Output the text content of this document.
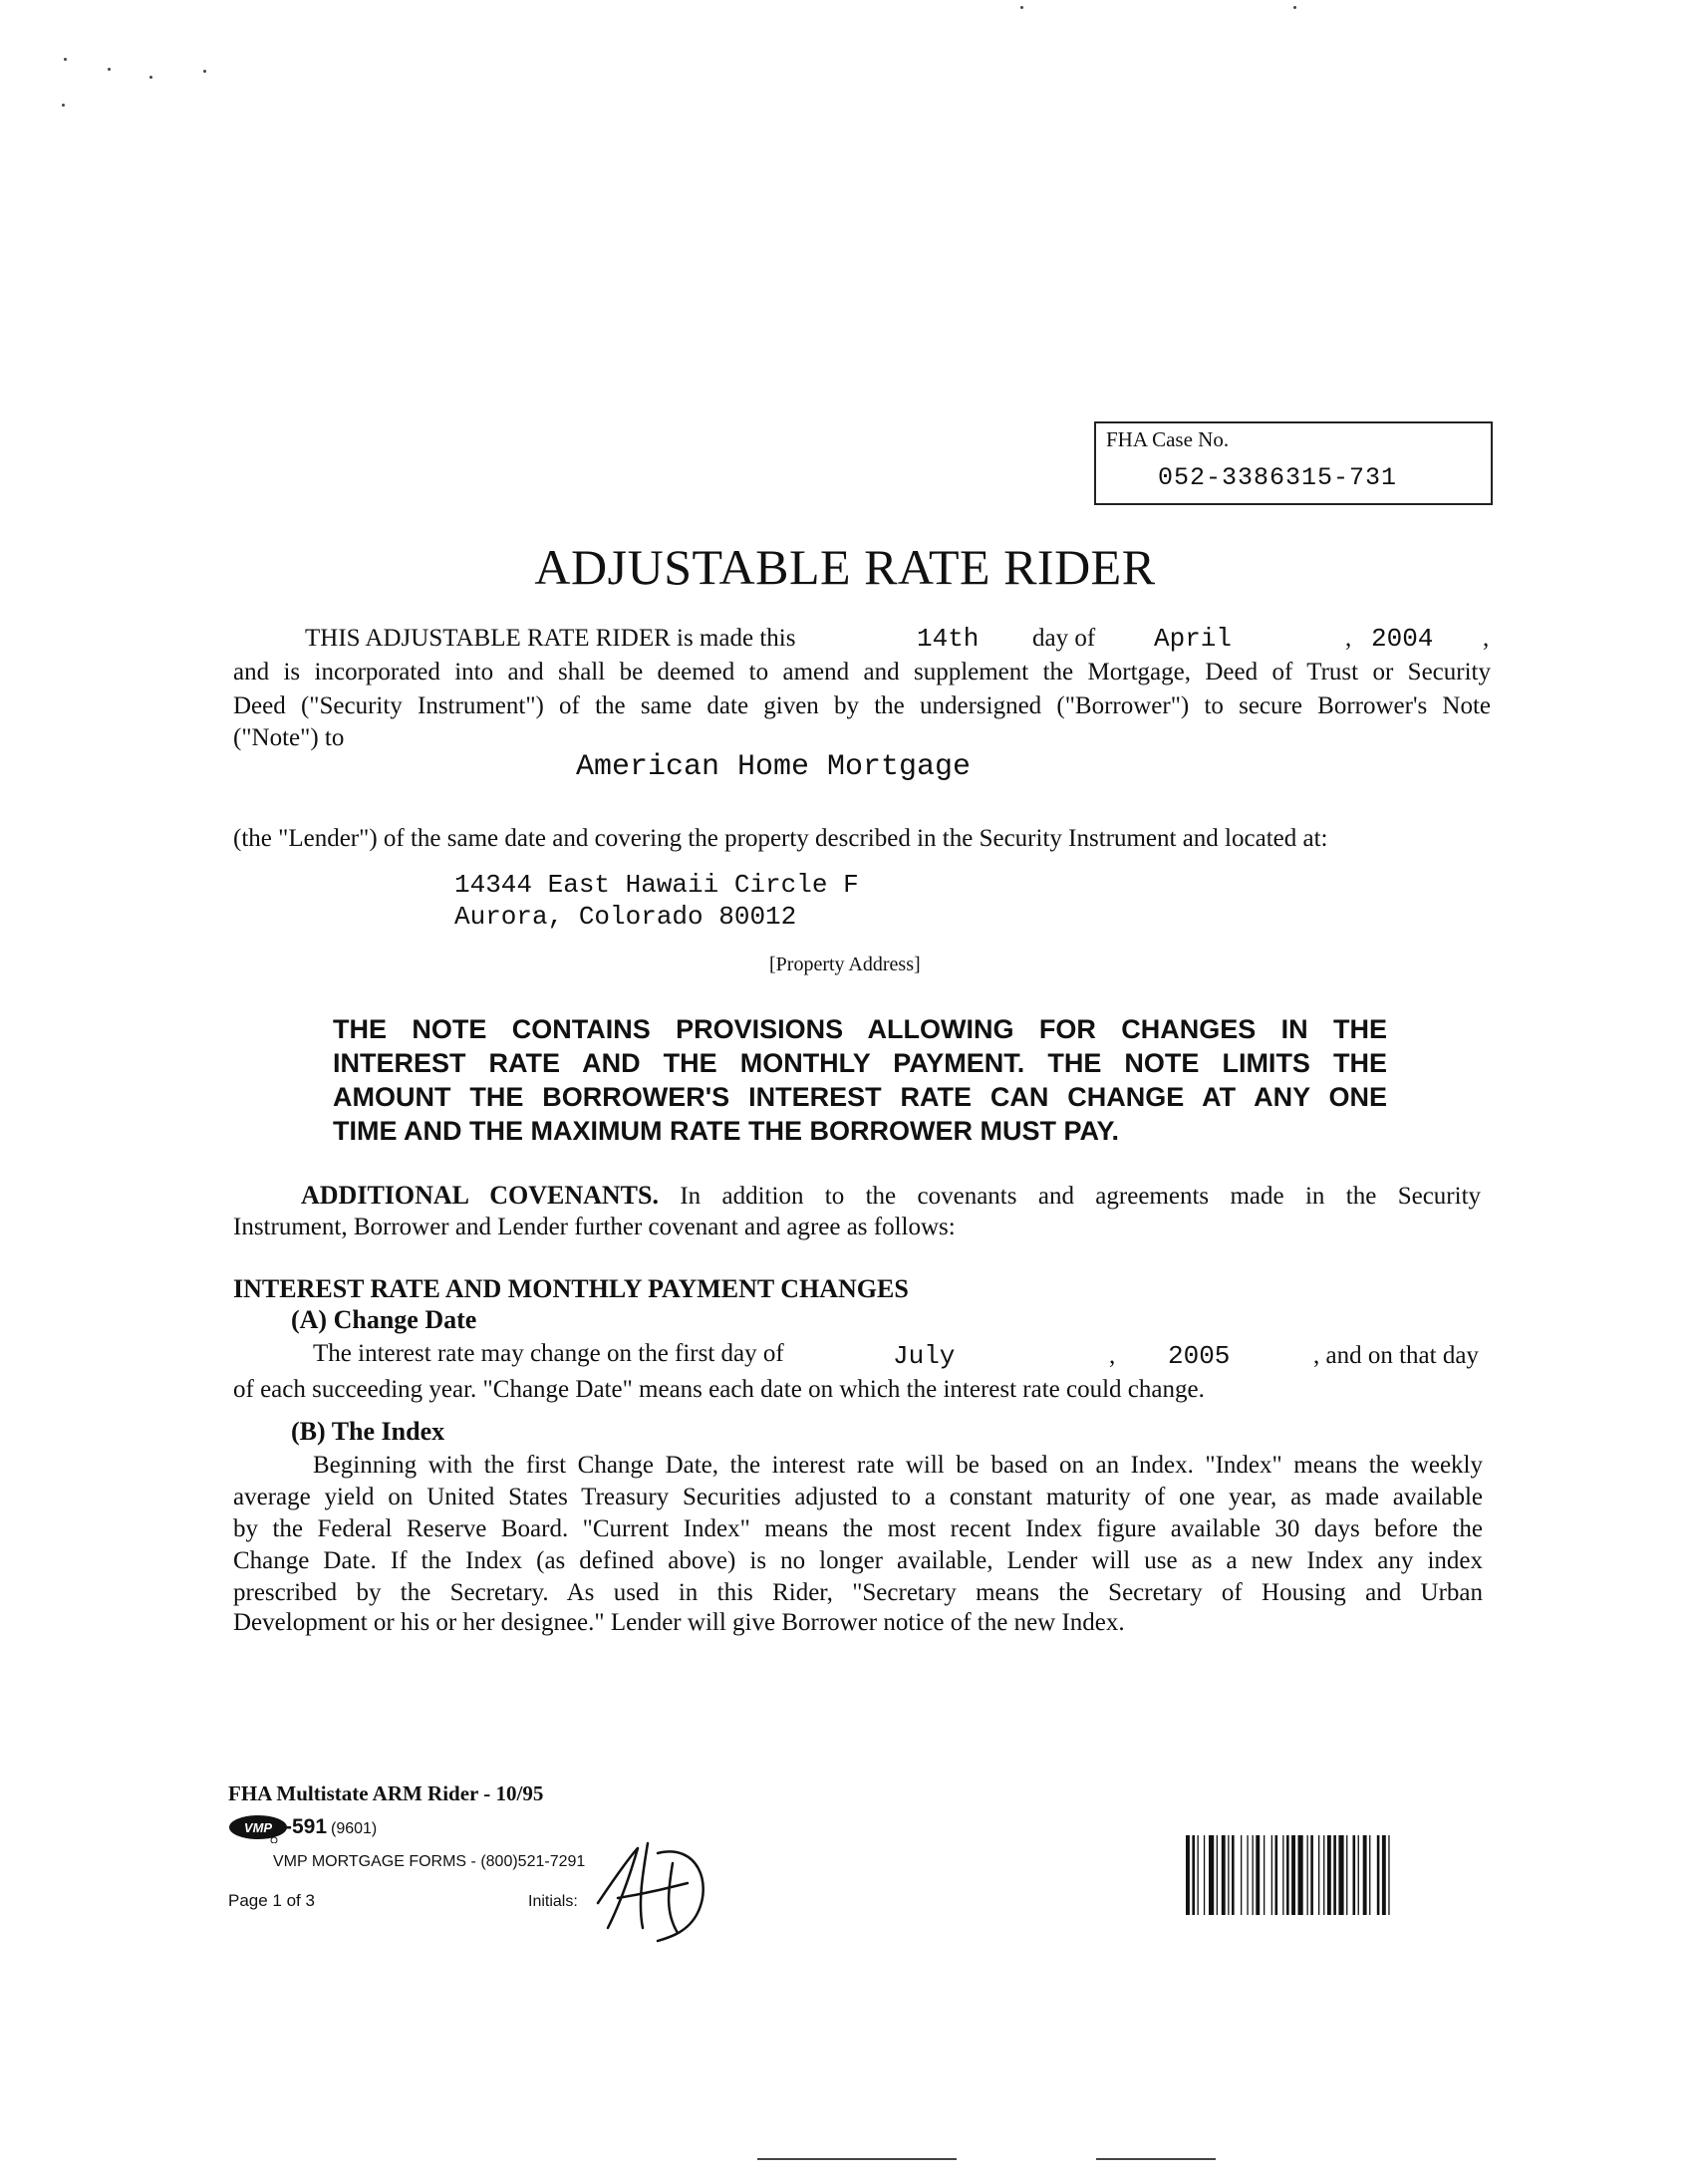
FHA Case No.
052-3386315-731
ADJUSTABLE RATE RIDER
THIS ADJUSTABLE RATE RIDER is made this	14th day of April	, 2004 ,
and is incorporated into and shall be deemed to amend and supplement the Mortgage, Deed of Trust or Security
Deed ("Security Instrument") of the same date given by the undersigned ("Borrower") to secure Borrower's Note
("Note") to
American Home Mortgage
(the "Lender") of the same date and covering the property described in the Security Instrument and located at:
14344 East Hawaii Circle F
Aurora, Colorado 80012
[Property Address]
THE NOTE CONTAINS PROVISIONS ALLOWING FOR CHANGES IN THE
INTEREST RATE AND THE MONTHLY PAYMENT. THE NOTE LIMITS THE
AMOUNT THE BORROWER'S INTEREST RATE CAN CHANGE AT ANY ONE
TIME AND THE MAXIMUM RATE THE BORROWER MUST PAY.
ADDITIONAL COVENANTS. In addition to the covenants and agreements made in the Security
Instrument, Borrower and Lender further covenant and agree as follows:
INTEREST RATE AND MONTHLY PAYMENT CHANGES
(A) Change Date
The interest rate may change on the first day of	July	, 2005	, and on that day
of each succeeding year. "Change Date" means each date on which the interest rate could change.
(B) The Index
Beginning with the first Change Date, the interest rate will be based on an Index. "Index" means the weekly
average yield on United States Treasury Securities adjusted to a constant maturity of one year, as made available
by the Federal Reserve Board. "Current Index" means the most recent Index figure available 30 days before the
Change Date. If the Index (as defined above) is no longer available, Lender will use as a new Index any index
prescribed by the Secretary. As used in this Rider, "Secretary means the Secretary of Housing and Urban
Development or his or her designee." Lender will give Borrower notice of the new Index.
FHA Multistate ARM Rider - 10/95
VMP -591 (9601)
VMP MORTGAGE FORMS - (800)521-7291
Page 1 of 3	Initials:
